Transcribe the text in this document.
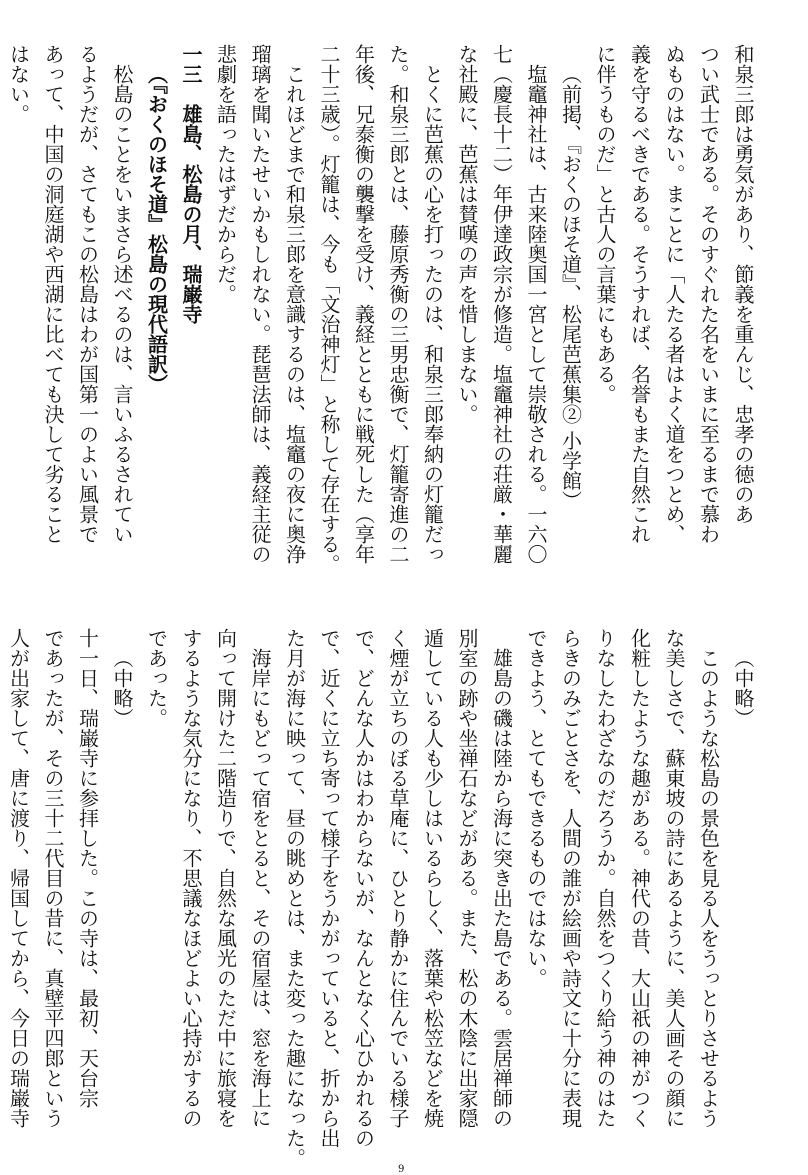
和泉三郎は勇気があり、節義を重んじ、忠孝の徳のあ
つい武士である。そのすぐれた名をいまに至るまで慕わ
ぬものはない。まことに「人たる者はよく道をつとめ、
義を守るべきである。そうすれば、名誉もまた自然これ
に伴うものだ」と古人の言葉にもある。
（前掲、『おくのほそ道』、松尾芭蕉集② 小学館）
塩竈神社は、古来陸奥国一宮として崇敬される。一六〇
七（慶長十二）年伊達政宗が修造。塩竈神社の荘厳・華麗
な社殿に、芭蕉は賛嘆の声を惜しまない。
とくに芭蕉の心を打ったのは、和泉三郎奉納の灯籠だっ
た。和泉三郎とは、藤原秀衡の三男忠衡で、灯籠寄進の二
年後、兄泰衡の襲撃を受け、義経とともに戦死した（享年
二十三歳）。灯籠は、今も「文治神灯」と称して存在する。
これほどまで和泉三郎を意識するのは、塩竈の夜に奥浄
瑠璃を聞いたせいかもしれない。琵琶法師は、義経主従の
悲劇を語ったはずだからだ。
一三　雄島、松島の月、瑞巌寺
（『おくのほそ道』松島の現代語訳）
松島のことをいまさら述べるのは、言いふるされてい
るようだが、さてもこの松島はわが国第一のよい風景で
あって、中国の洞庭湖や西湖に比べても決して劣ること
はない。
（中略）
このような松島の景色を見る人をうっとりさせるよう
な美しさで、蘇東坡の詩にあるように、美人画その顔に
化粧したような趣がある。神代の昔、大山祇の神がつく
りなしたわざなのだろうか。自然をつくり給う神のはた
らきのみごとさを、人間の誰が絵画や詩文に十分に表現
できよう、とてもできるものではない。
雄島の磯は陸から海に突き出た島である。雲居禅師の
別室の跡や坐禅石などがある。また、松の木陰に出家隠
遁している人も少しはいるらしく、落葉や松笠などを焼
く煙が立ちのぼる草庵に、ひとり静かに住んでいる様子
で、どんな人かはわからないが、なんとなく心ひかれるの
で、近くに立ち寄って様子をうかがっていると、折から出
た月が海に映って、昼の眺めとは、また変った趣になった。
海岸にもどって宿をとると、その宿屋は、窓を海上に
向って開けた二階造りで、自然な風光のただ中に旅寝を
するような気分になり、不思議なほどよい心持がするの
であった。
（中略）
十一日、瑞巌寺に参拝した。この寺は、最初、天台宗
であったが、その三十二代目の昔に、真壁平四郎という
人が出家して、唐に渡り、帰国してから、今日の瑞巌寺
9
